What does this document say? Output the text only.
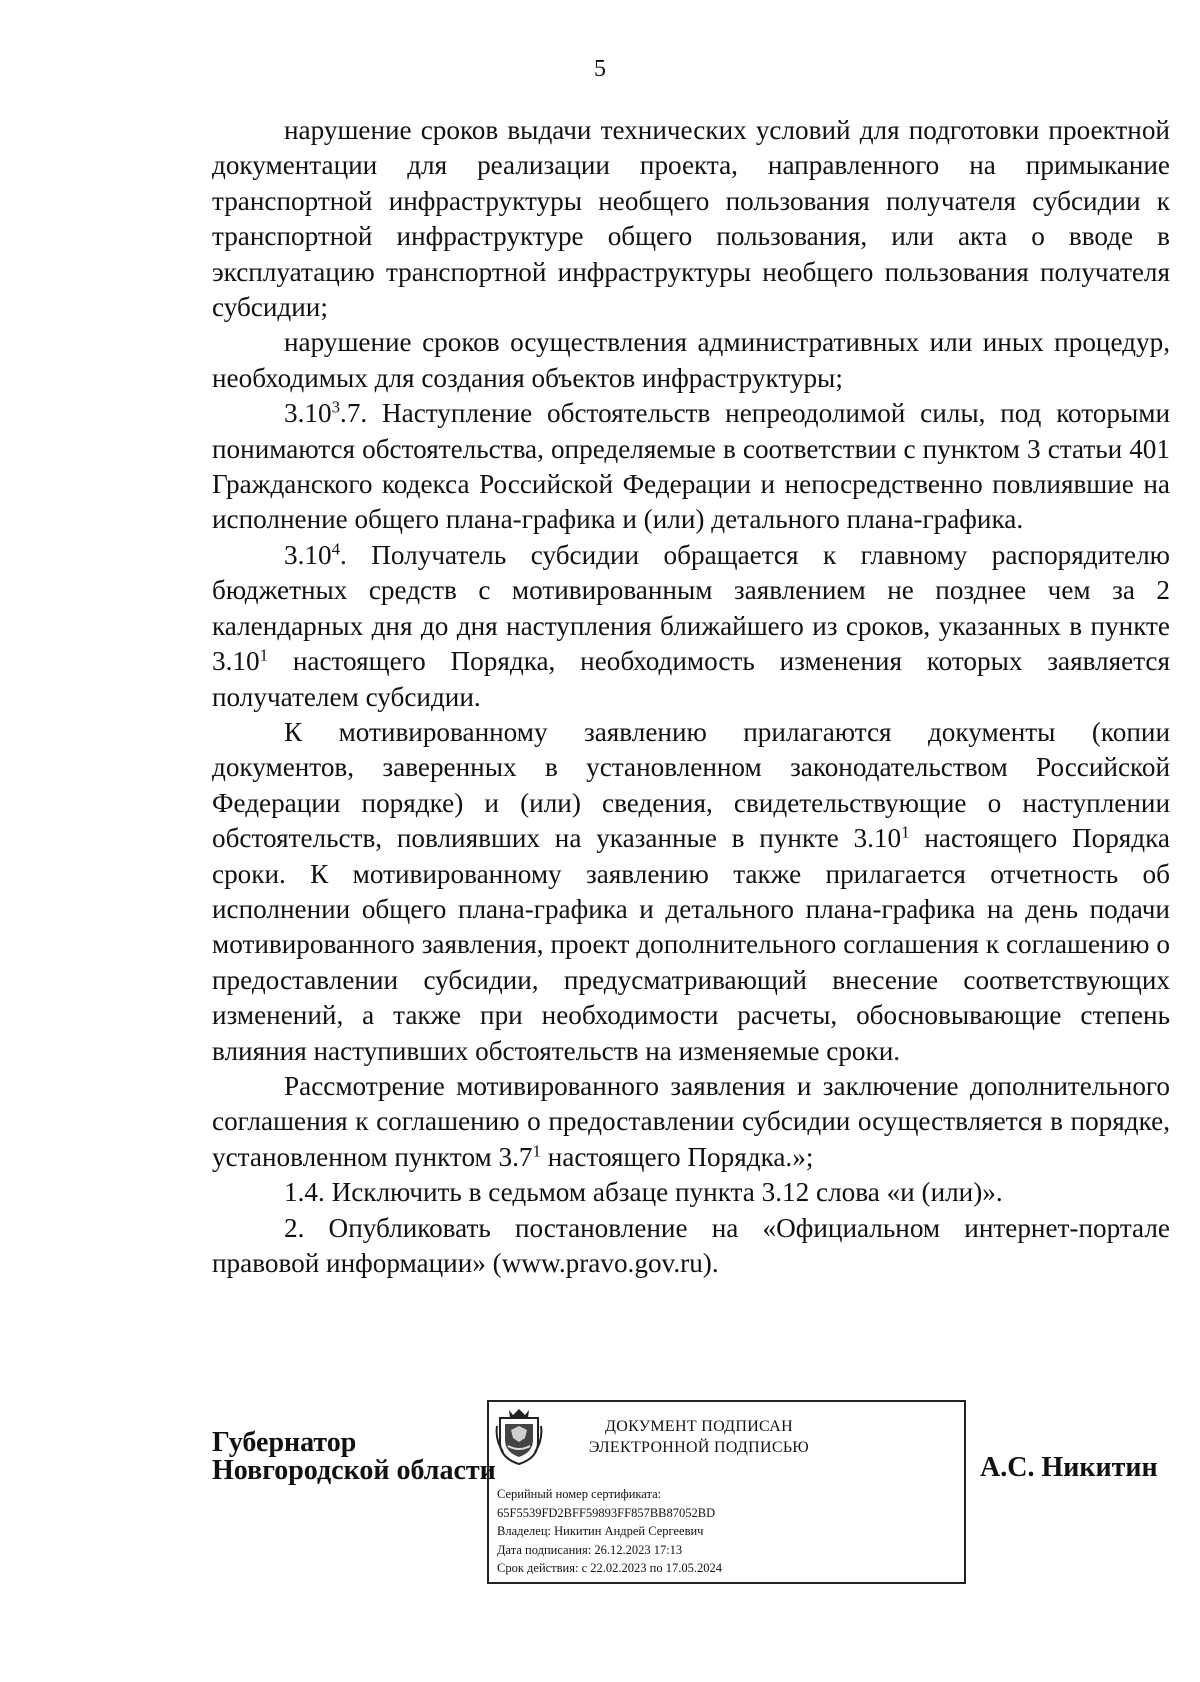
5

нарушение сроков выдачи технических условий для подготовки проектной документации для реализации проекта, направленного на примыкание транспортной инфраструктуры необщего пользования получателя субсидии к транспортной инфраструктуре общего пользования, или акта о вводе в эксплуатацию транспортной инфраструктуры необщего пользования получателя субсидии;

нарушение сроков осуществления административных или иных процедур, необходимых для создания объектов инфраструктуры;

3.10$^3$.7. Наступление обстоятельств непреодолимой силы, под которыми понимаются обстоятельства, определяемые в соответствии с пунктом 3 статьи 401 Гражданского кодекса Российской Федерации и непосредственно повлиявшие на исполнение общего плана-графика и (или) детального плана-графика.

3.10$^4$. Получатель субсидии обращается к главному распорядителю бюджетных средств с мотивированным заявлением не позднее чем за 2 календарных дня до дня наступления ближайшего из сроков, указанных в пункте 3.10$^1$ настоящего Порядка, необходимость изменения которых заявляется получателем субсидии.

К мотивированному заявлению прилагаются документы (копии документов, заверенных в установленном законодательством Российской Федерации порядке) и (или) сведения, свидетельствующие о наступлении обстоятельств, повлиявших на указанные в пункте 3.10$^1$ настоящего Порядка сроки. К мотивированному заявлению также прилагается отчетность об исполнении общего плана-графика и детального плана-графика на день подачи мотивированного заявления, проект дополнительного соглашения к соглашению о предоставлении субсидии, предусматривающий внесение соответствующих изменений, а также при необходимости расчеты, обосновывающие степень влияния наступивших обстоятельств на изменяемые сроки.

Рассмотрение мотивированного заявления и заключение дополнительного соглашения к соглашению о предоставлении субсидии осуществляется в порядке, установленном пунктом $3.7^1$ настоящего Порядка.»;

1.4. Исключить в седьмом абзаце пункта 3.12 слова «и (или)».

2. Опубликовать постановление на «Официальном интернет-портале правовой информации» (www.pravo.gov.ru).

Губернатор
Новгородской области
ДОКУМЕНТ ПОДПИСАН
ЭЛЕКТРОННОЙ ПОДПИСЬЮ
Серийный номер сертификата:
65F5539FD2BFF59893FF857BB87052BD
Владелец: Никитин Андрей Сергеевич
Дата подписания: 26.12.2023 17:13
Срок действия: с 22.02.2023 по 17.05.2024
А.С. Никитин
